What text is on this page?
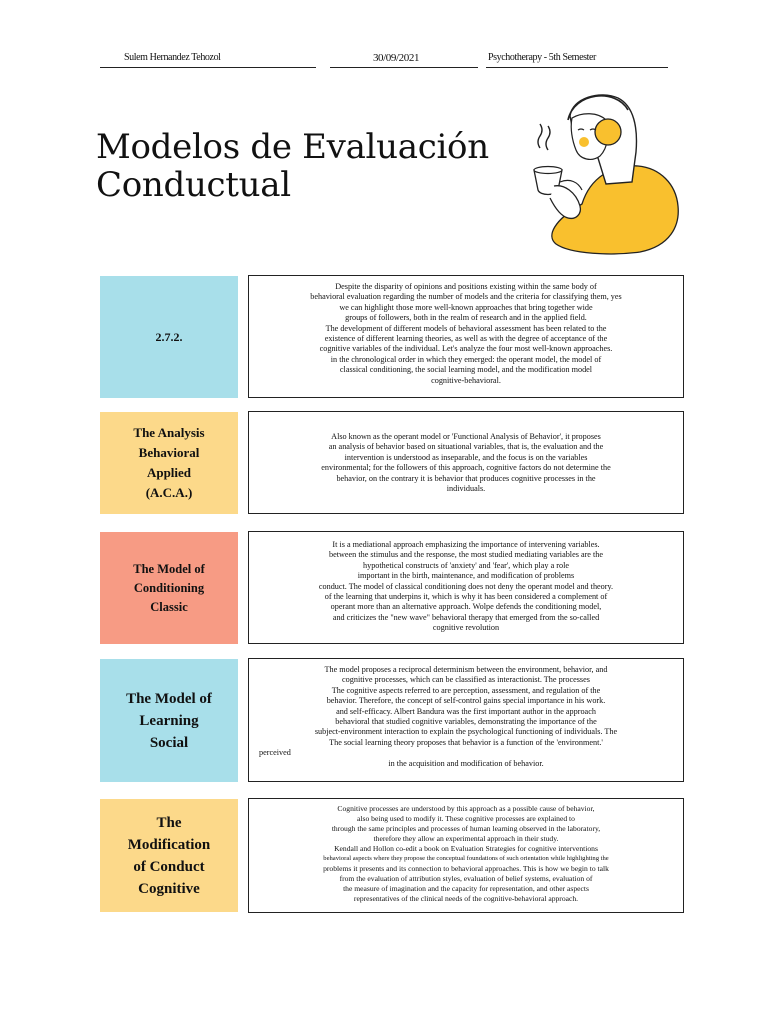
Sulem Hernandez Tehozol	30/09/2021	Psychotherapy - 5th Semester
Modelos de Evaluación
Conductual
2.7.2.

Despite the disparity of opinions and positions existing within the same body of

behavioral evaluation regarding the number of models and the criteria for classifying them, yes

we can highlight those more well-known approaches that bring together wide

groups of followers, both in the realm of research and in the applied field.

The development of different models of behavioral assessment has been related to the

existence of different learning theories, as well as with the degree of acceptance of the

cognitive variables of the individual. Let's analyze the four most well-known approaches.

in the chronological order in which they emerged: the operant model, the model of

classical conditioning, the social learning model, and the modification model

cognitive-behavioral.

The Analysis
Behavioral
Applied
(A.C.A.)

Also known as the operant model or 'Functional Analysis of Behavior', it proposes

an analysis of behavior based on situational variables, that is, the evaluation and the

intervention is understood as inseparable, and the focus is on the variables

environmental; for the followers of this approach, cognitive factors do not determine the

behavior, on the contrary it is behavior that produces cognitive processes in the

individuals.

The Model of
Conditioning
Classic

It is a mediational approach emphasizing the importance of intervening variables.

between the stimulus and the response, the most studied mediating variables are the

hypothetical constructs of 'anxiety' and 'fear', which play a role

important in the birth, maintenance, and modification of problems

conduct. The model of classical conditioning does not deny the operant model and theory.

of the learning that underpins it, which is why it has been considered a complement of

operant more than an alternative approach. Wolpe defends the conditioning model,

and criticizes the "new wave" behavioral therapy that emerged from the so-called

cognitive revolution

The Model of
Learning
Social

The model proposes a reciprocal determinism between the environment, behavior, and

cognitive processes, which can be classified as interactionist. The processes

The cognitive aspects referred to are perception, assessment, and regulation of the

behavior. Therefore, the concept of self-control gains special importance in his work.

and self-efficacy. Albert Bandura was the first important author in the approach

behavioral that studied cognitive variables, demonstrating the importance of the

subject-environment interaction to explain the psychological functioning of individuals. The

The social learning theory proposes that behavior is a function of the 'environment.'

perceived

in the acquisition and modification of behavior.

The
Modification
of Conduct
Cognitive

Cognitive processes are understood by this approach as a possible cause of behavior,

also being used to modify it. These cognitive processes are explained to

through the same principles and processes of human learning observed in the laboratory,

therefore they allow an experimental approach in their study.

Kendall and Hollon co-edit a book on Evaluation Strategies for cognitive interventions

behavioral aspects where they propose the conceptual foundations of such orientation while highlighting the

problems it presents and its connection to behavioral approaches. This is how we begin to talk

from the evaluation of attribution styles, evaluation of belief systems, evaluation of

the measure of imagination and the capacity for representation, and other aspects

representatives of the clinical needs of the cognitive-behavioral approach.
